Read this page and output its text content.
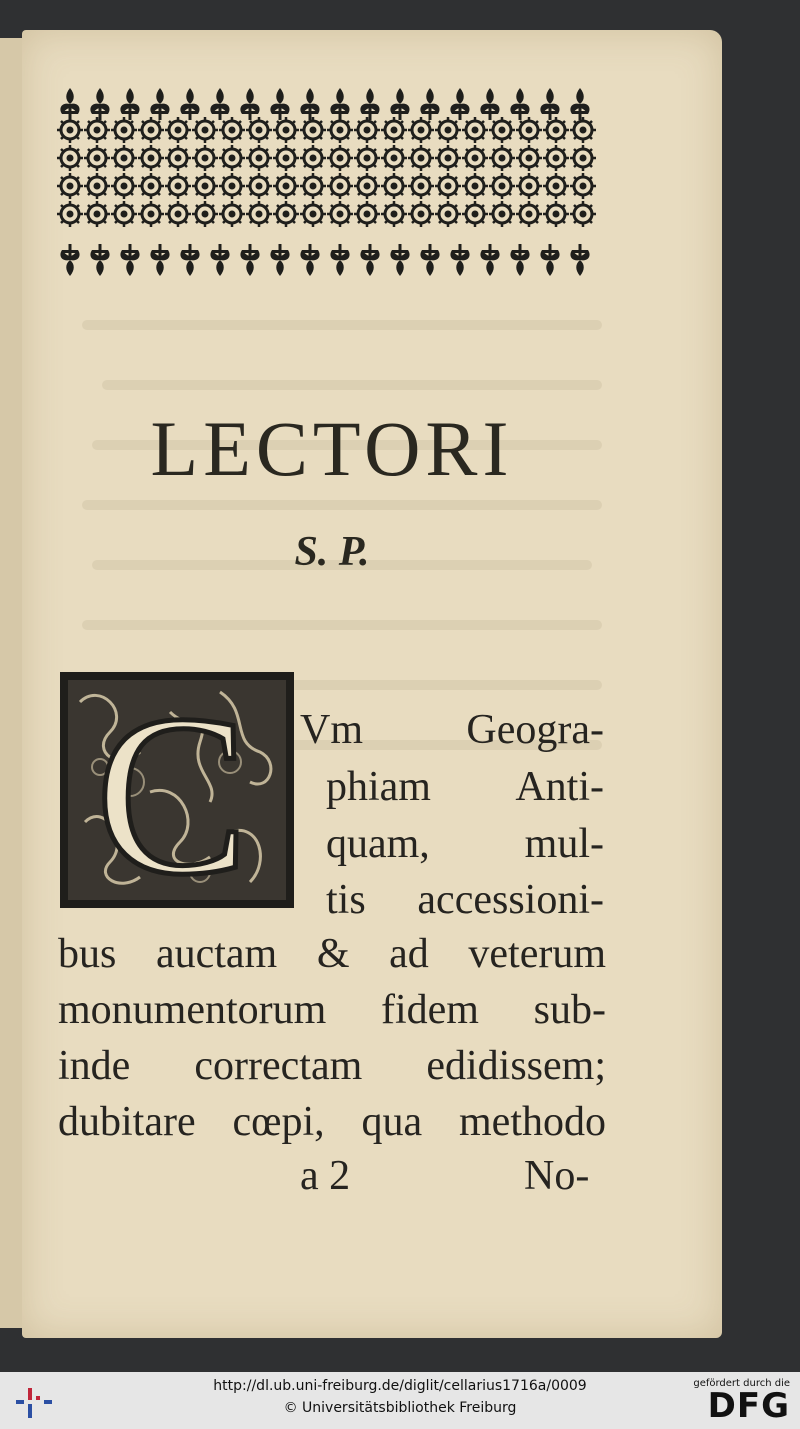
LECTORI
S. P.
C Vm Geogra-
phiam Anti-
quam, mul-
tis accessioni-
bus auctam & ad veterum
monumentorum fidem sub-
inde correctam edidissem;
dubitare cœpi, qua methodo
a 2	No-
http://dl.ub.uni-freiburg.de/diglit/cellarius1716a/0009
© Universitätsbibliothek Freiburg
gefördert durch die
DFG
